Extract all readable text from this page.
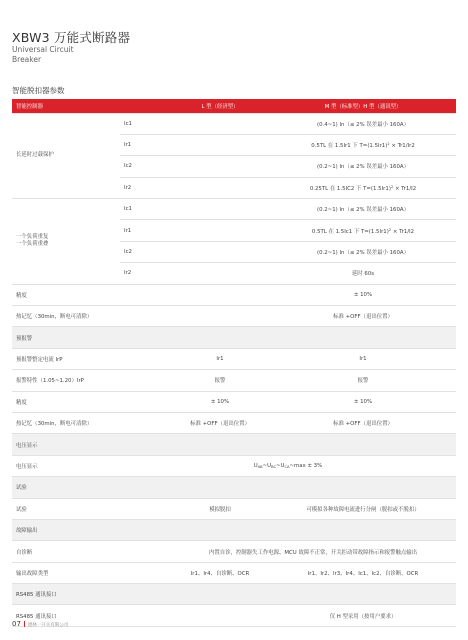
XBW3 万能式断路器
Universal Circuit
Breaker
智能脱扣器参数
智能控制器		L 型（经济型）	M 型（标准型）H 型（通讯型）
长延时过载保护	Ic1		(0.4~1) In（≤ 2% 误差最小 160A）
	Ir1		0.5TL 在 1.5Ir1 下 $T=(1.5Ir1)^2 \times Tr1/Ir2$
	Ic2		(0.2~1) In（≤ 2% 误差最小 160A）
	Ir2		0.25TL 在 1.5IC2 下 $T=(1.5Ir1)^2 \times Tr1/I2$

一个负荷重复
一个负荷重叠	Ic1		(0.2~1) In（≤ 2% 误差最小 160A）
	Ir1		0.5TL 在 1.5Ic1 下 $T=(1.5Ir1)^2 \times Tr1/I2$
	Ic2		(0.2~1) In（≤ 2% 误差最小 160A）
	Ir2		延时 60s
精度			± 10%
热记忆（30min，断电可清除）			标准 +OFF（退出位置）
预报警			
预报警整定电流 IrP		Ir1	Ir1
报警特性（1.05~1.20）IrP		报警	报警
精度		± 10%	± 10%
热记忆（30min，断电可清除）		标准 +OFF（退出位置）	标准 +OFF（退出位置）
电压显示			
电压显示	$U_{AB}\sim U_{BC}\sim U_{CA}\sim\max \pm 3\%$		
试验			
试验		模拟脱扣	可模拟各种故障电流进行分闸（脱扣或不脱扣）
故障输出			
自诊断		内置自诊，控制器失工作电源、MCU 故障不正常，开关拒动带故障指示和报警触点输出	
输出故障类型		Ir1、Ir4、自诊断、OCR	Ir1、Ir2、Ir3、Ir4、Ic1、Ic2、自诊断、OCR
RS485 通讯接口			
RS485 通讯接口			仅 H 型采用（按用户要求）
07 德林一开关有限公司
